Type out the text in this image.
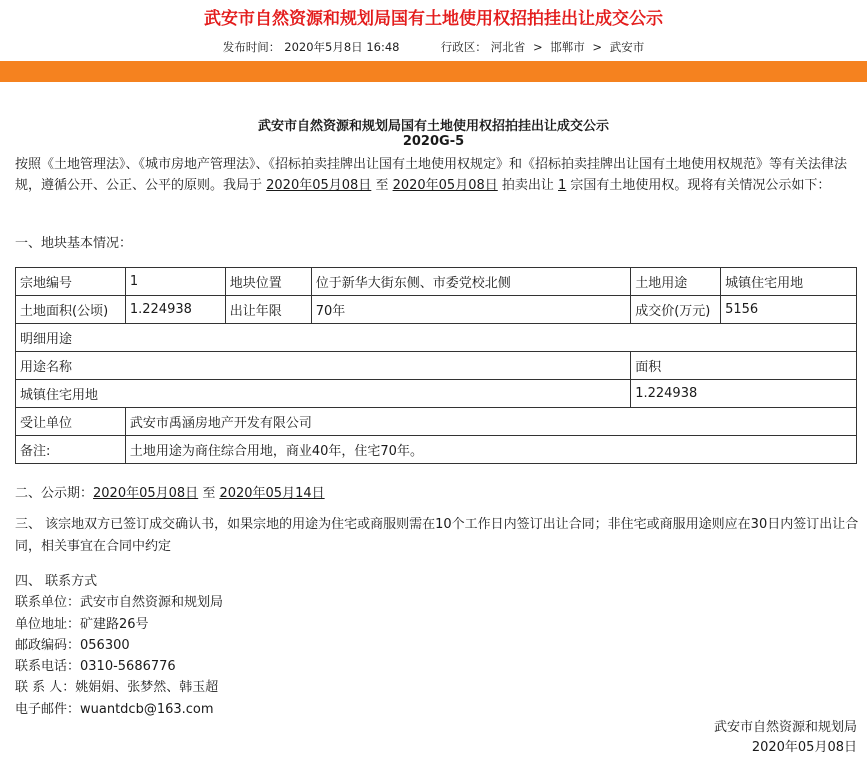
武安市自然资源和规划局国有土地使用权招拍挂出让成交公示
发布时间： 2020年5月8日 16:48	行政区： 河北省 > 邯郸市 > 武安市
武安市自然资源和规划局国有土地使用权招拍挂出让成交公示
2020G-5
按照《土地管理法》、《城市房地产管理法》、《招标拍卖挂牌出让国有土地使用权规定》和《招标拍卖挂牌出让国有土地使用权规范》等有关法律法规，遵循公开、公正、公平的原则。我局于 2020年05月08日 至 2020年05月08日 拍卖出让 1 宗国有土地使用权。现将有关情况公示如下：
一、地块基本情况：
宗地编号	1	地块位置	位于新华大街东侧、市委党校北侧	土地用途	城镇住宅用地
土地面积(公顷)	1.224938	出让年限	70年	成交价(万元)	5156
明细用途					
用途名称				面积	
城镇住宅用地				1.224938	
受让单位	武安市禹涵房地产开发有限公司				
备注:	土地用途为商住综合用地，商业40年，住宅70年。				
二、公示期：2020年05月08日 至 2020年05月14日
三、 该宗地双方已签订成交确认书，如果宗地的用途为住宅或商服则需在10个工作日内签订出让合同；非住宅或商服用途则应在30日内签订出让合同，相关事宜在合同中约定
四、 联系方式
联系单位：武安市自然资源和规划局
单位地址：矿建路26号
邮政编码：056300
联系电话：0310-5686776
联 系 人：姚娟娟、张梦然、韩玉超
电子邮件：wuantdcb@163.com
武安市自然资源和规划局
2020年05月08日
